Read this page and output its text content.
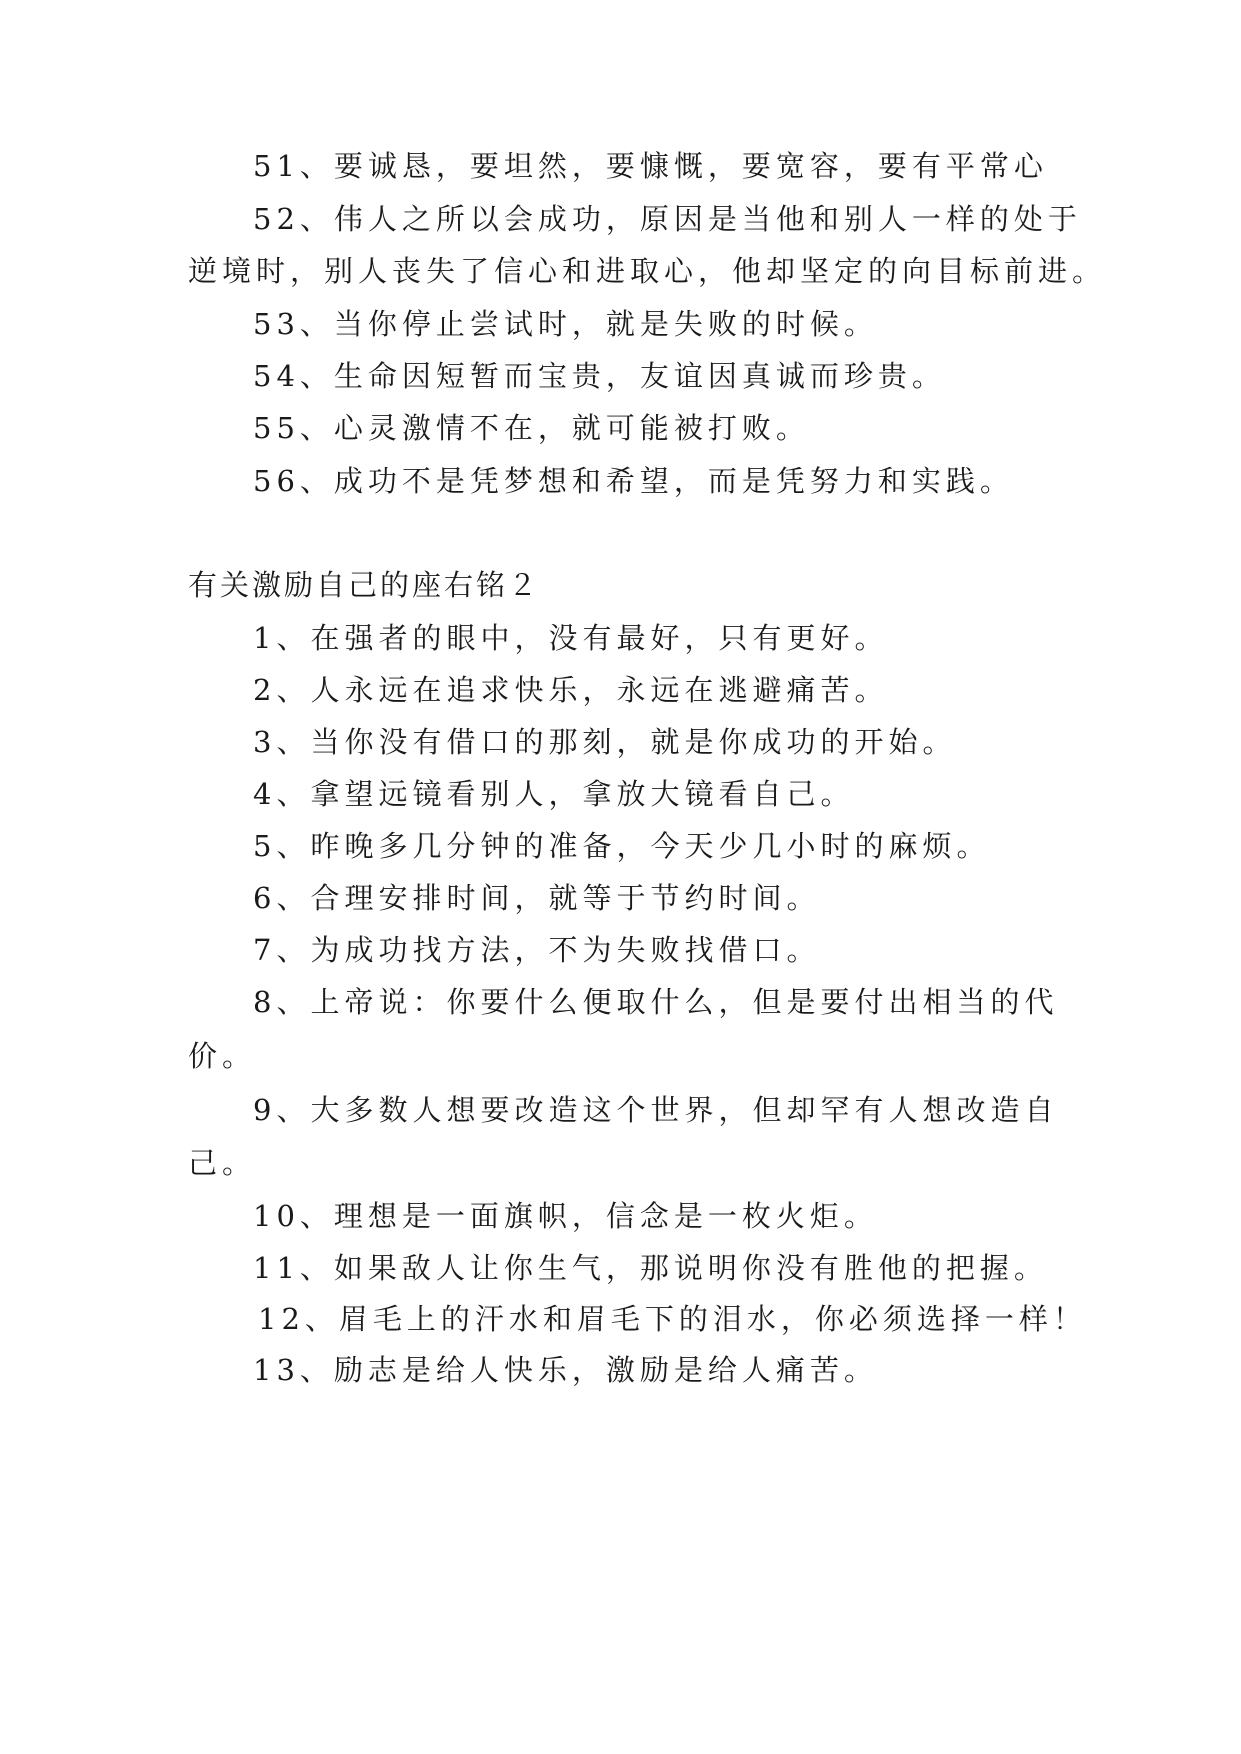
51、要诚恳，要坦然，要慷慨，要宽容，要有平常心
52、伟人之所以会成功，原因是当他和别人一样的处于
逆境时，别人丧失了信心和进取心，他却坚定的向目标前进。
53、当你停止尝试时，就是失败的时候。
54、生命因短暂而宝贵，友谊因真诚而珍贵。
55、心灵激情不在，就可能被打败。
56、成功不是凭梦想和希望，而是凭努力和实践。
有关激励自己的座右铭２
1、在强者的眼中，没有最好，只有更好。
2、人永远在追求快乐，永远在逃避痛苦。
3、当你没有借口的那刻，就是你成功的开始。
4、拿望远镜看别人，拿放大镜看自己。
5、昨晚多几分钟的准备，今天少几小时的麻烦。
6、合理安排时间，就等于节约时间。
7、为成功找方法，不为失败找借口。
8、上帝说：你要什么便取什么，但是要付出相当的代
价。
9、大多数人想要改造这个世界，但却罕有人想改造自
己。
10、理想是一面旗帜，信念是一枚火炬。
11、如果敌人让你生气，那说明你没有胜他的把握。
12、眉毛上的汗水和眉毛下的泪水，你必须选择一样！
13、励志是给人快乐，激励是给人痛苦。
